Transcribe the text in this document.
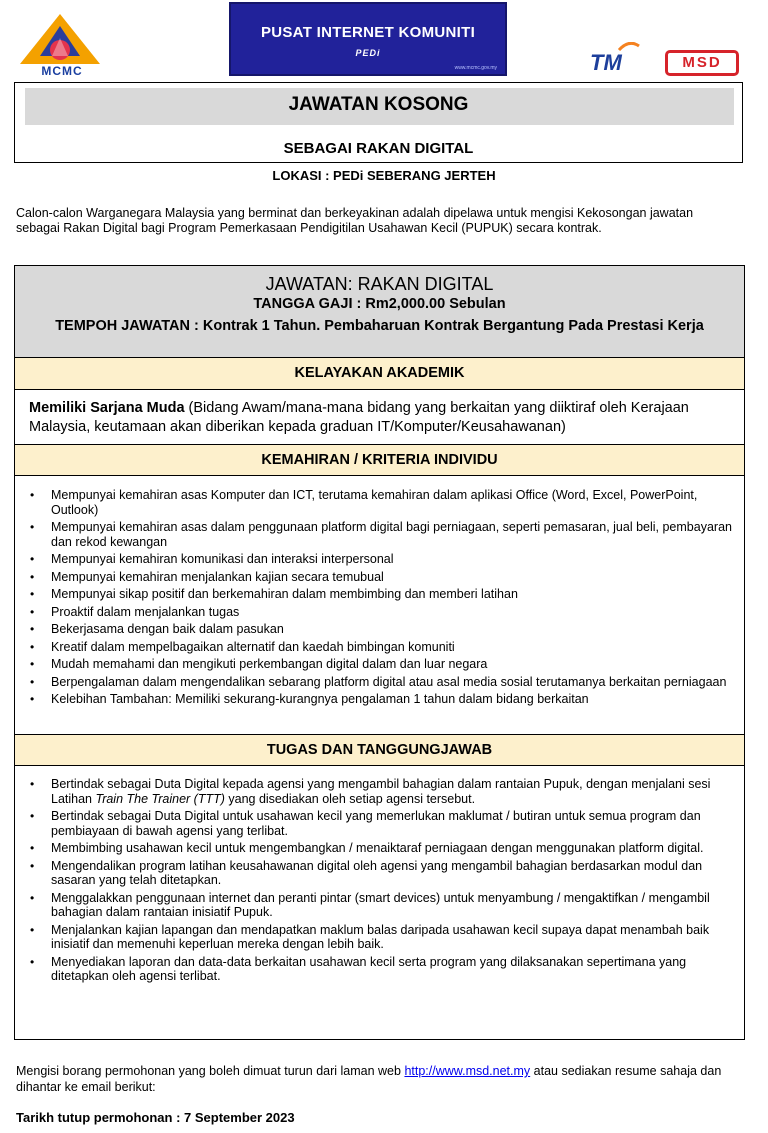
MCMC
PUSAT INTERNET KOMUNITI
PEDi
www.mcmc.gov.my	TM	MSD
JAWATAN KOSONG
SEBAGAI RAKAN DIGITAL
LOKASI : PEDi SEBERANG JERTEH
Calon-calon Warganegara Malaysia yang berminat dan berkeyakinan adalah dipelawa untuk mengisi Kekosongan jawatan sebagai Rakan Digital bagi Program Pemerkasaan Pendigitilan Usahawan Kecil (PUPUK) secara kontrak.
JAWATAN: RAKAN DIGITAL
TANGGA GAJI : Rm2,000.00 Sebulan
TEMPOH JAWATAN : Kontrak 1 Tahun. Pembaharuan Kontrak Bergantung Pada Prestasi Kerja
KELAYAKAN AKADEMIK
Memiliki Sarjana Muda (Bidang Awam/mana-mana bidang yang berkaitan yang diiktiraf oleh Kerajaan Malaysia, keutamaan akan diberikan kepada graduan IT/Komputer/Keusahawanan)
KEMAHIRAN / KRITERIA INDIVIDU
• Mempunyai kemahiran asas Komputer dan ICT, terutama kemahiran dalam aplikasi Office (Word, Excel, PowerPoint, Outlook)
• Mempunyai kemahiran asas dalam penggunaan platform digital bagi perniagaan, seperti pemasaran, jual beli, pembayaran dan rekod kewangan
• Mempunyai kemahiran komunikasi dan interaksi interpersonal
• Mempunyai kemahiran menjalankan kajian secara temubual
• Mempunyai sikap positif dan berkemahiran dalam membimbing dan memberi latihan
• Proaktif dalam menjalankan tugas
• Bekerjasama dengan baik dalam pasukan
• Kreatif dalam mempelbagaikan alternatif dan kaedah bimbingan komuniti
• Mudah memahami dan mengikuti perkembangan digital dalam dan luar negara
• Berpengalaman dalam mengendalikan sebarang platform digital atau asal media sosial terutamanya berkaitan perniagaan
• Kelebihan Tambahan: Memiliki sekurang-kurangnya pengalaman 1 tahun dalam bidang berkaitan
TUGAS DAN TANGGUNGJAWAB
• Bertindak sebagai Duta Digital kepada agensi yang mengambil bahagian dalam rantaian Pupuk, dengan menjalani sesi Latihan Train The Trainer (TTT) yang disediakan oleh setiap agensi tersebut.
• Bertindak sebagai Duta Digital untuk usahawan kecil yang memerlukan maklumat / butiran untuk semua program dan pembiayaan di bawah agensi yang terlibat.
• Membimbing usahawan kecil untuk mengembangkan / menaiktaraf perniagaan dengan menggunakan platform digital.
• Mengendalikan program latihan keusahawanan digital oleh agensi yang mengambil bahagian berdasarkan modul dan sasaran yang telah ditetapkan.
• Menggalakkan penggunaan internet dan peranti pintar (smart devices) untuk menyambung / mengaktifkan / mengambil bahagian dalam rantaian inisiatif Pupuk.
• Menjalankan kajian lapangan dan mendapatkan maklum balas daripada usahawan kecil supaya dapat menambah baik inisiatif dan memenuhi keperluan mereka dengan lebih baik.
• Menyediakan laporan dan data-data berkaitan usahawan kecil serta program yang dilaksanakan sepertimana yang ditetapkan oleh agensi terlibat.
Mengisi borang permohonan yang boleh dimuat turun dari laman web http://www.msd.net.my atau sediakan resume sahaja dan dihantar ke email berikut:
Tarikh tutup permohonan : 7 September 2023
